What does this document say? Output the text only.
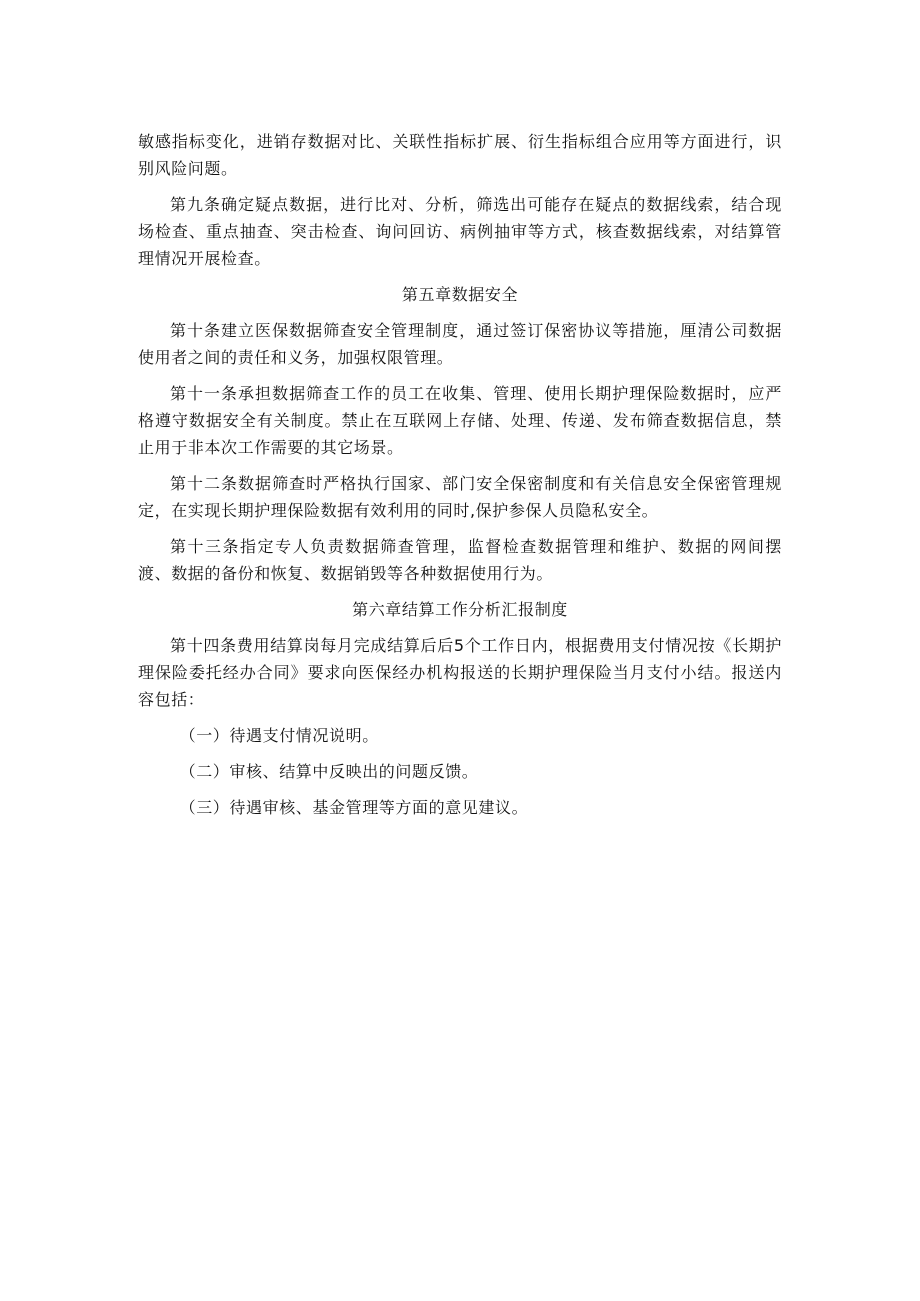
敏感指标变化，进销存数据对比、关联性指标扩展、衍生指标组合应用等方面进行，识别风险问题。

第九条确定疑点数据，进行比对、分析，筛选出可能存在疑点的数据线索，结合现场检查、重点抽查、突击检查、询问回访、病例抽审等方式，核查数据线索，对结算管理情况开展检查。

第五章数据安全

第十条建立医保数据筛查安全管理制度，通过签订保密协议等措施，厘清公司数据使用者之间的责任和义务，加强权限管理。

第十一条承担数据筛查工作的员工在收集、管理、使用长期护理保险数据时，应严格遵守数据安全有关制度。禁止在互联网上存储、处理、传递、发布筛查数据信息，禁止用于非本次工作需要的其它场景。

第十二条数据筛查时严格执行国家、部门安全保密制度和有关信息安全保密管理规定，在实现长期护理保险数据有效利用的同时,保护参保人员隐私安全。

第十三条指定专人负责数据筛查管理，监督检查数据管理和维护、数据的网间摆渡、数据的备份和恢复、数据销毁等各种数据使用行为。

第六章结算工作分析汇报制度

第十四条费用结算岗每月完成结算后后5个工作日内，根据费用支付情况按《长期护理保险委托经办合同》要求向医保经办机构报送的长期护理保险当月支付小结。报送内容包括：

（一）待遇支付情况说明。

（二）审核、结算中反映出的问题反馈。

（三）待遇审核、基金管理等方面的意见建议。
